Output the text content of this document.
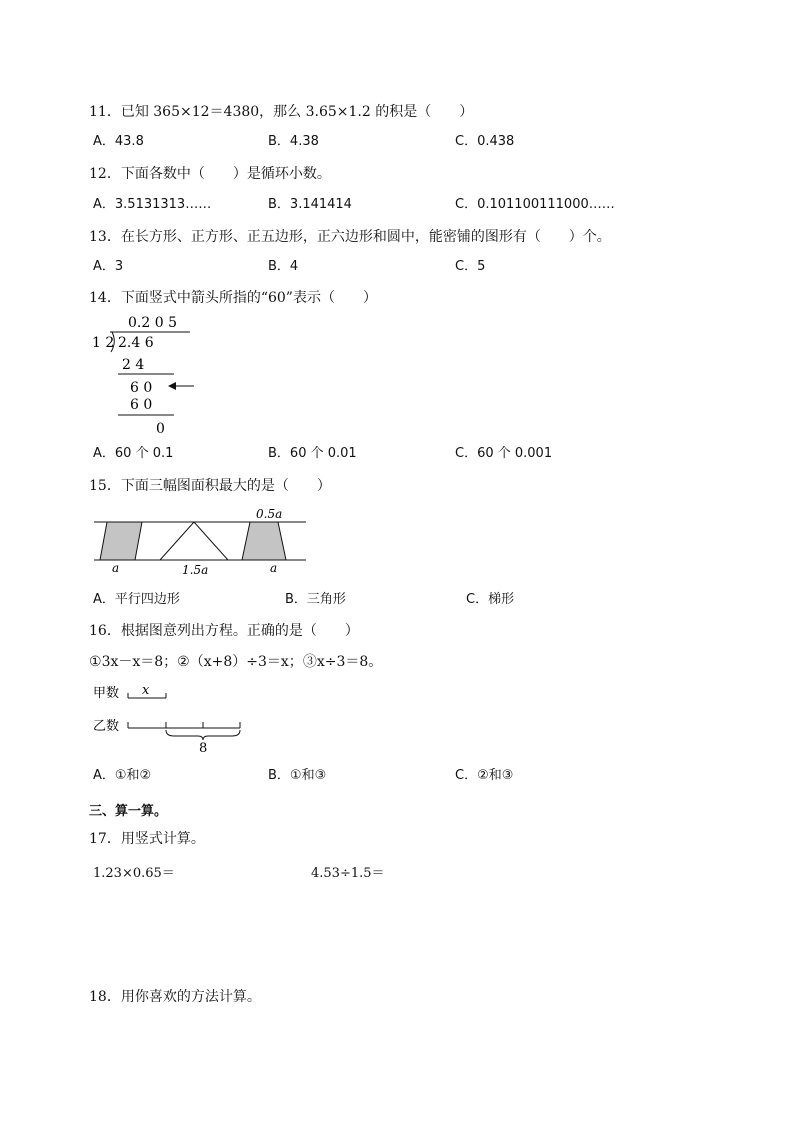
11．已知 365×12＝4380，那么 3.65×1.2 的积是（　　）
A．43.8	B．4.38	C．0.438
12．下面各数中（　　）是循环小数。
A．3.5131313……	B．3.141414	C．0.101100111000……
13．在长方形、正方形、正五边形，正六边形和圆中，能密铺的图形有（　　）个。
A．3	B．4	C．5
14．下面竖式中箭头所指的“60”表示（　　）
0.2 0 5
1 2 2.4 6
2 4
6 0
6 0
0
A．60 个 0.1	B．60 个 0.01	C．60 个 0.001
15．下面三幅图面积最大的是（　　）
0.5a
a	1.5a	a
A．平行四边形	B．三角形	C．梯形
16．根据图意列出方程。正确的是（　　）
①3x－x＝8；②（x+8）÷3＝x；③x÷3＝8。
甲数 x
乙数
8
A．①和②	B．①和③	C．②和③
三、算一算。
17．用竖式计算。
1.23×0.65＝	4.53÷1.5＝
18．用你喜欢的方法计算。
